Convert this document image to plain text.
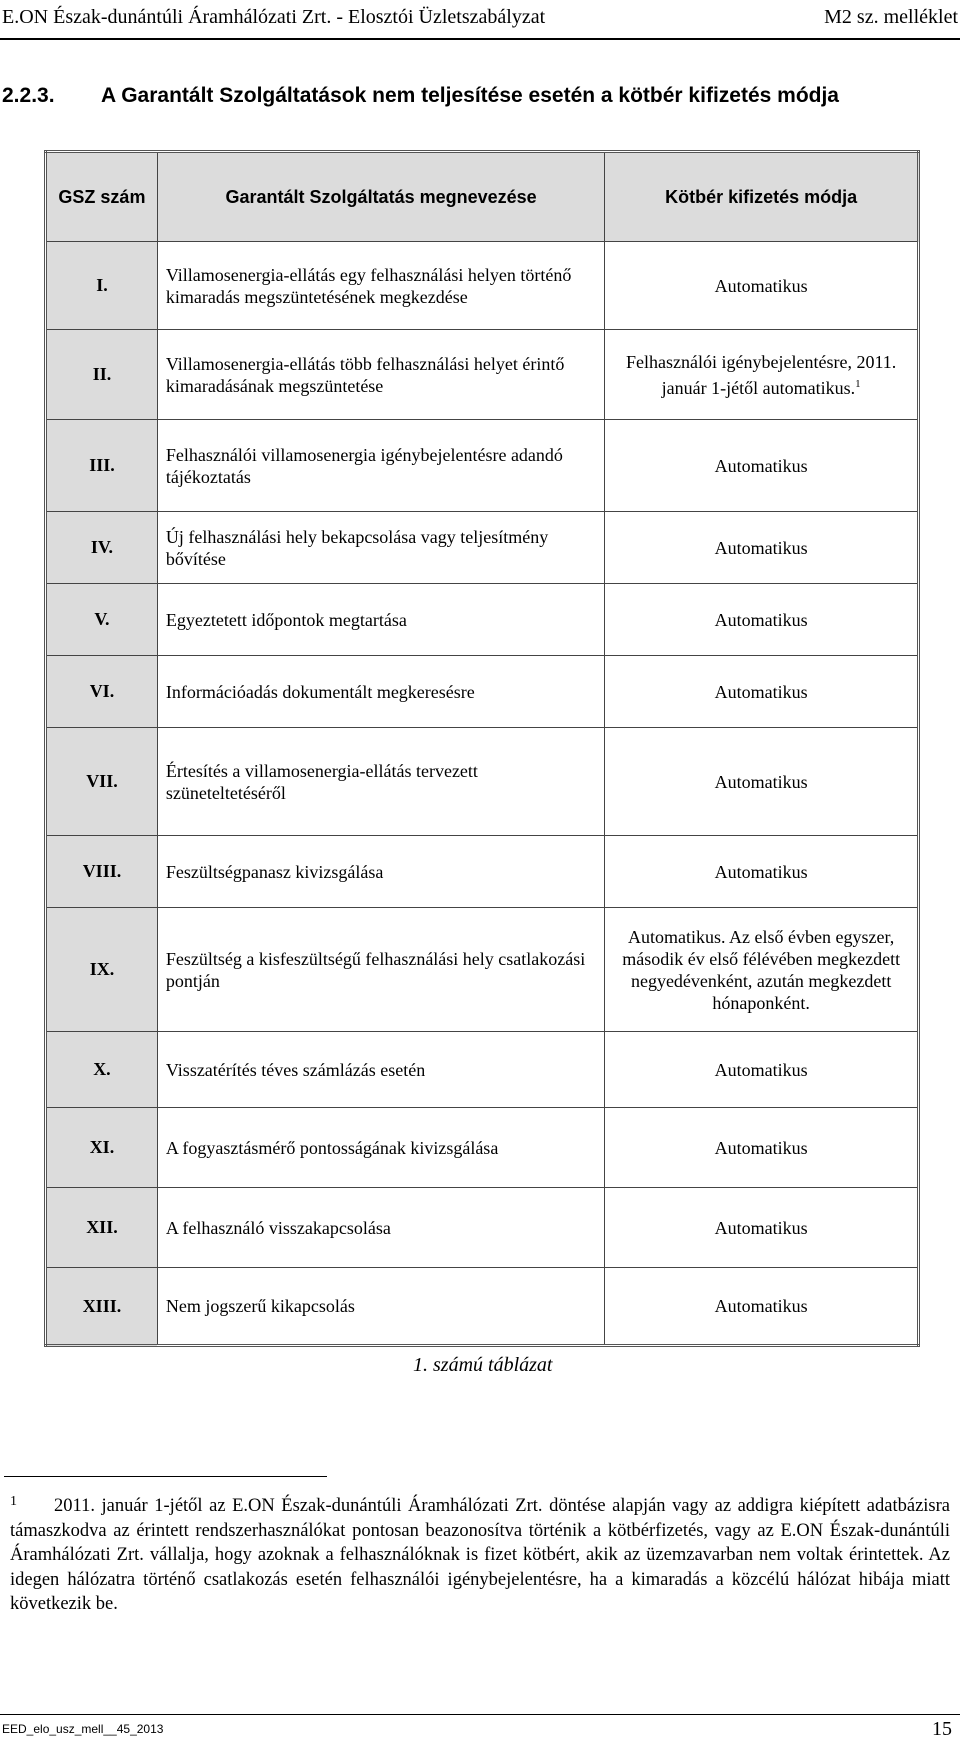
E.ON Észak-dunántúli Áramhálózati Zrt. - Elosztói Üzletszabályzat	M2 sz. melléklet
2.2.3. A Garantált Szolgáltatások nem teljesítése esetén a kötbér kifizetés módja
GSZ szám	Garantált Szolgáltatás megnevezése	Kötbér kifizetés módja
I.	Villamosenergia-ellátás egy felhasználási helyen történő kimaradás megszüntetésének megkezdése	Automatikus
II.	Villamosenergia-ellátás több felhasználási helyet érintő kimaradásának megszüntetése	Felhasználói igénybejelentésre, 2011. január 1-jétől automatikus.$^1$
III.	Felhasználói villamosenergia igénybejelentésre adandó tájékoztatás	Automatikus
IV.	Új felhasználási hely bekapcsolása vagy teljesítmény bővítése	Automatikus
V.	Egyeztetett időpontok megtartása	Automatikus
VI.	Információadás dokumentált megkeresésre	Automatikus
VII.	Értesítés a villamosenergia-ellátás tervezett szüneteltetéséről	Automatikus
VIII.	Feszültségpanasz kivizsgálása	Automatikus
IX.	Feszültség a kisfeszültségű felhasználási hely csatlakozási pontján	Automatikus. Az első évben egyszer, második év első félévében megkezdett negyedévenként, azután megkezdett hónaponként.
X.	Visszatérítés téves számlázás esetén	Automatikus
XI.	A fogyasztásmérő pontosságának kivizsgálása	Automatikus
XII.	A felhasználó visszakapcsolása	Automatikus
XIII.	Nem jogszerű kikapcsolás	Automatikus
1. számú táblázat
1	2011. január 1-jétől az E.ON Észak-dunántúli Áramhálózati Zrt. döntése alapján vagy az addigra kiépített adatbázisra támaszkodva az érintett rendszerhasználókat pontosan beazonosítva történik a kötbérfizetés, vagy az E.ON Észak-dunántúli Áramhálózati Zrt. vállalja, hogy azoknak a felhasználóknak is fizet kötbért, akik az üzemzavarban nem voltak érintettek. Az idegen hálózatra történő csatlakozás esetén felhasználói igénybejelentésre, ha a kimaradás a közcélú hálózat hibája miatt következik be.
EED_elo_usz_mell__45_2013	15
